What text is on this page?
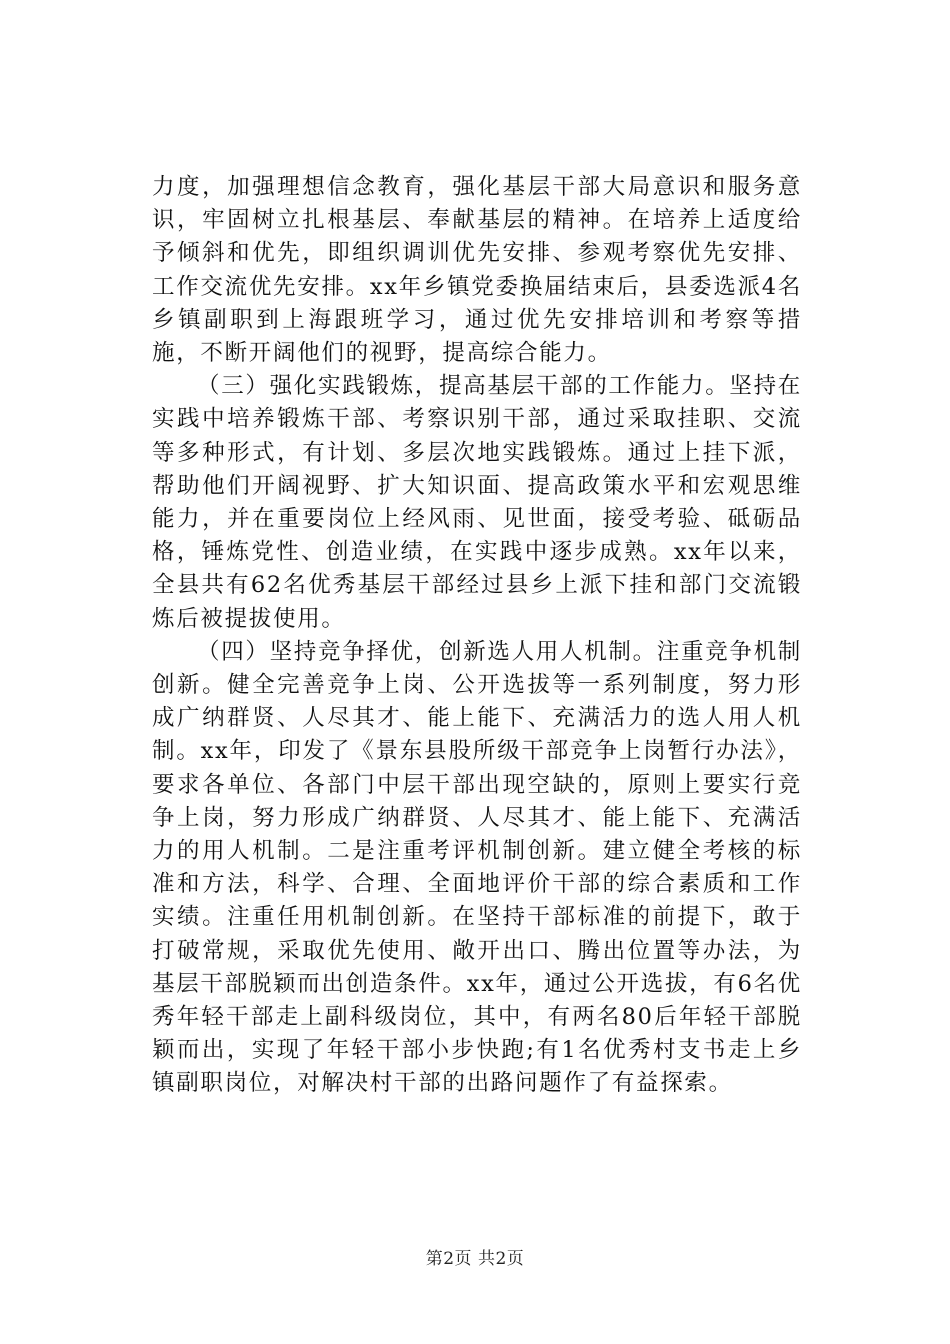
力度，加强理想信念教育，强化基层干部大局意识和服务意识，牢固树立扎根基层、奉献基层的精神。在培养上适度给予倾斜和优先，即组织调训优先安排、参观考察优先安排、工作交流优先安排。xx年乡镇党委换届结束后，县委选派4名乡镇副职到上海跟班学习，通过优先安排培训和考察等措施，不断开阔他们的视野，提高综合能力。

（三）强化实践锻炼，提高基层干部的工作能力。坚持在实践中培养锻炼干部、考察识别干部，通过采取挂职、交流等多种形式，有计划、多层次地实践锻炼。通过上挂下派，帮助他们开阔视野、扩大知识面、提高政策水平和宏观思维能力，并在重要岗位上经风雨、见世面，接受考验、砥砺品格，锤炼党性、创造业绩，在实践中逐步成熟。xx年以来，全县共有62名优秀基层干部经过县乡上派下挂和部门交流锻炼后被提拔使用。

（四）坚持竞争择优，创新选人用人机制。注重竞争机制创新。健全完善竞争上岗、公开选拔等一系列制度，努力形成广纳群贤、人尽其才、能上能下、充满活力的选人用人机制。xx年，印发了《景东县股所级干部竞争上岗暂行办法》，要求各单位、各部门中层干部出现空缺的，原则上要实行竞争上岗，努力形成广纳群贤、人尽其才、能上能下、充满活力的用人机制。二是注重考评机制创新。建立健全考核的标准和方法，科学、合理、全面地评价干部的综合素质和工作实绩。注重任用机制创新。在坚持干部标准的前提下，敢于打破常规，采取优先使用、敞开出口、腾出位置等办法，为基层干部脱颖而出创造条件。xx年，通过公开选拔，有6名优秀年轻干部走上副科级岗位，其中，有两名80后年轻干部脱颖而出，实现了年轻干部小步快跑;有1名优秀村支书走上乡镇副职岗位，对解决村干部的出路问题作了有益探索。

第2页 共2页
